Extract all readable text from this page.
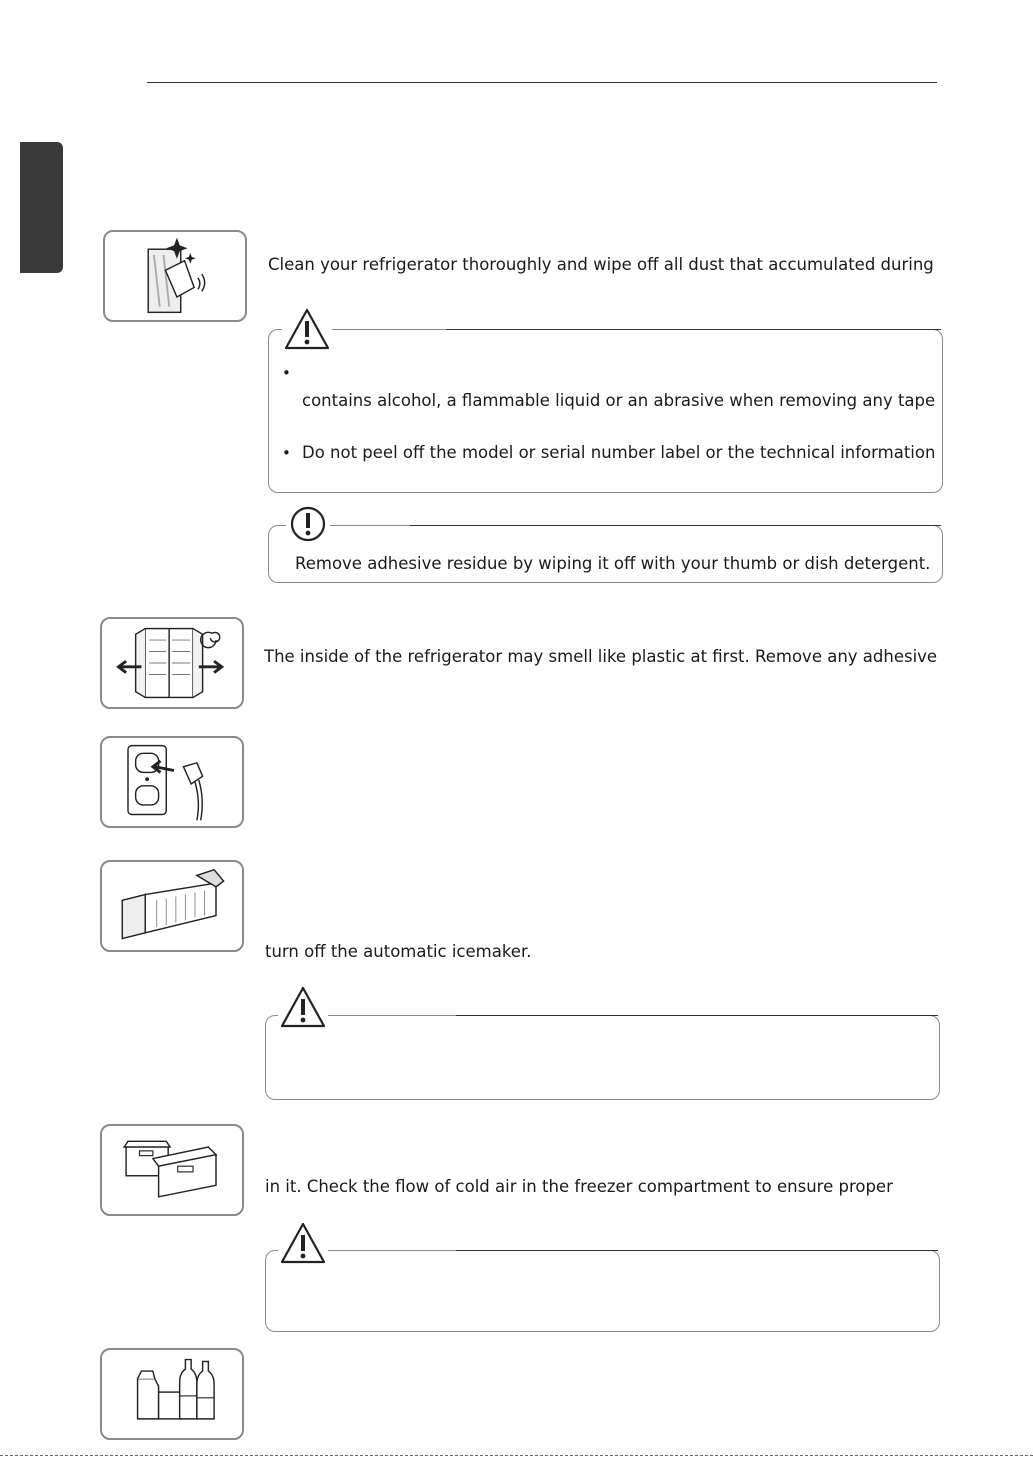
Clean your refrigerator thoroughly and wipe off all dust that accumulated during
•
contains alcohol, a flammable liquid or an abrasive when removing any tape
• Do not peel off the model or serial number label or the technical information
Remove adhesive residue by wiping it off with your thumb or dish detergent.
The inside of the refrigerator may smell like plastic at first. Remove any adhesive
turn off the automatic icemaker.
in it. Check the flow of cold air in the freezer compartment to ensure proper
